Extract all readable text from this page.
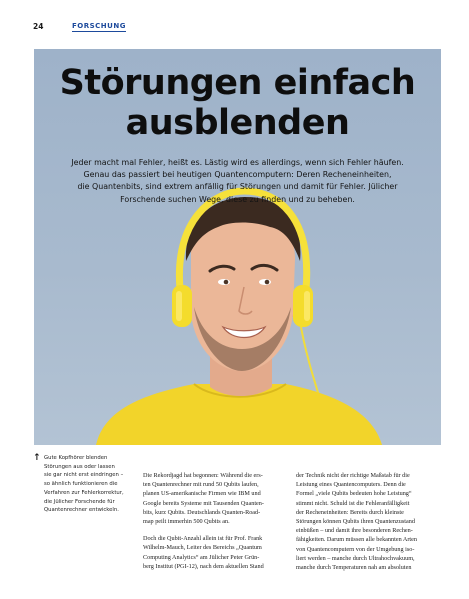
24	FORSCHUNG
Störungen einfach
ausblenden
Jeder macht mal Fehler, heißt es. Lästig wird es allerdings, wenn sich Fehler häufen.
Genau das passiert bei heutigen Quantencomputern: Deren Recheneinheiten,
die Quantenbits, sind extrem anfällig für Störungen und damit für Fehler. Jülicher
Forschende suchen Wege, diese zu finden und zu beheben.
↑ Gute Kopfhörer blenden
Störungen aus oder lassen
sie gar nicht erst eindringen –
so ähnlich funktionieren die
Verfahren zur Fehlerkorrektur,
die Jülicher Forschende für
Quantenrechner entwickeln.

Die Rekordjagd hat begonnen: Während die ers-
ten Quantenrechner mit rund 50 Qubits laufen,
planen US-amerikanische Firmen wie IBM und
Google bereits Systeme mit Tausenden Quanten-
bits, kurz Qubits. Deutschlands Quanten-Road-
map peilt immerhin 500 Qubits an.

Doch die Qubit-Anzahl allein ist für Prof. Frank
Wilhelm-Mauch, Leiter des Bereichs „Quantum
Computing Analytics“ am Jülicher Peter Grün-
berg Institut (PGI-12), nach dem aktuellen Stand

der Technik nicht der richtige Maßstab für die
Leistung eines Quantencomputers. Denn die
Formel „viele Qubits bedeuten hohe Leistung“
stimmt nicht. Schuld ist die Fehleranfälligkeit
der Recheneinheiten: Bereits durch kleinste
Störungen können Qubits ihren Quantenzustand
einbüßen – und damit ihre besonderen Rechen-
fähigkeiten. Darum müssen alle bekannten Arten
von Quantencomputern von der Umgebung iso-
liert werden – manche durch Ultrahochvakuum,
manche durch Temperaturen nah am absoluten
